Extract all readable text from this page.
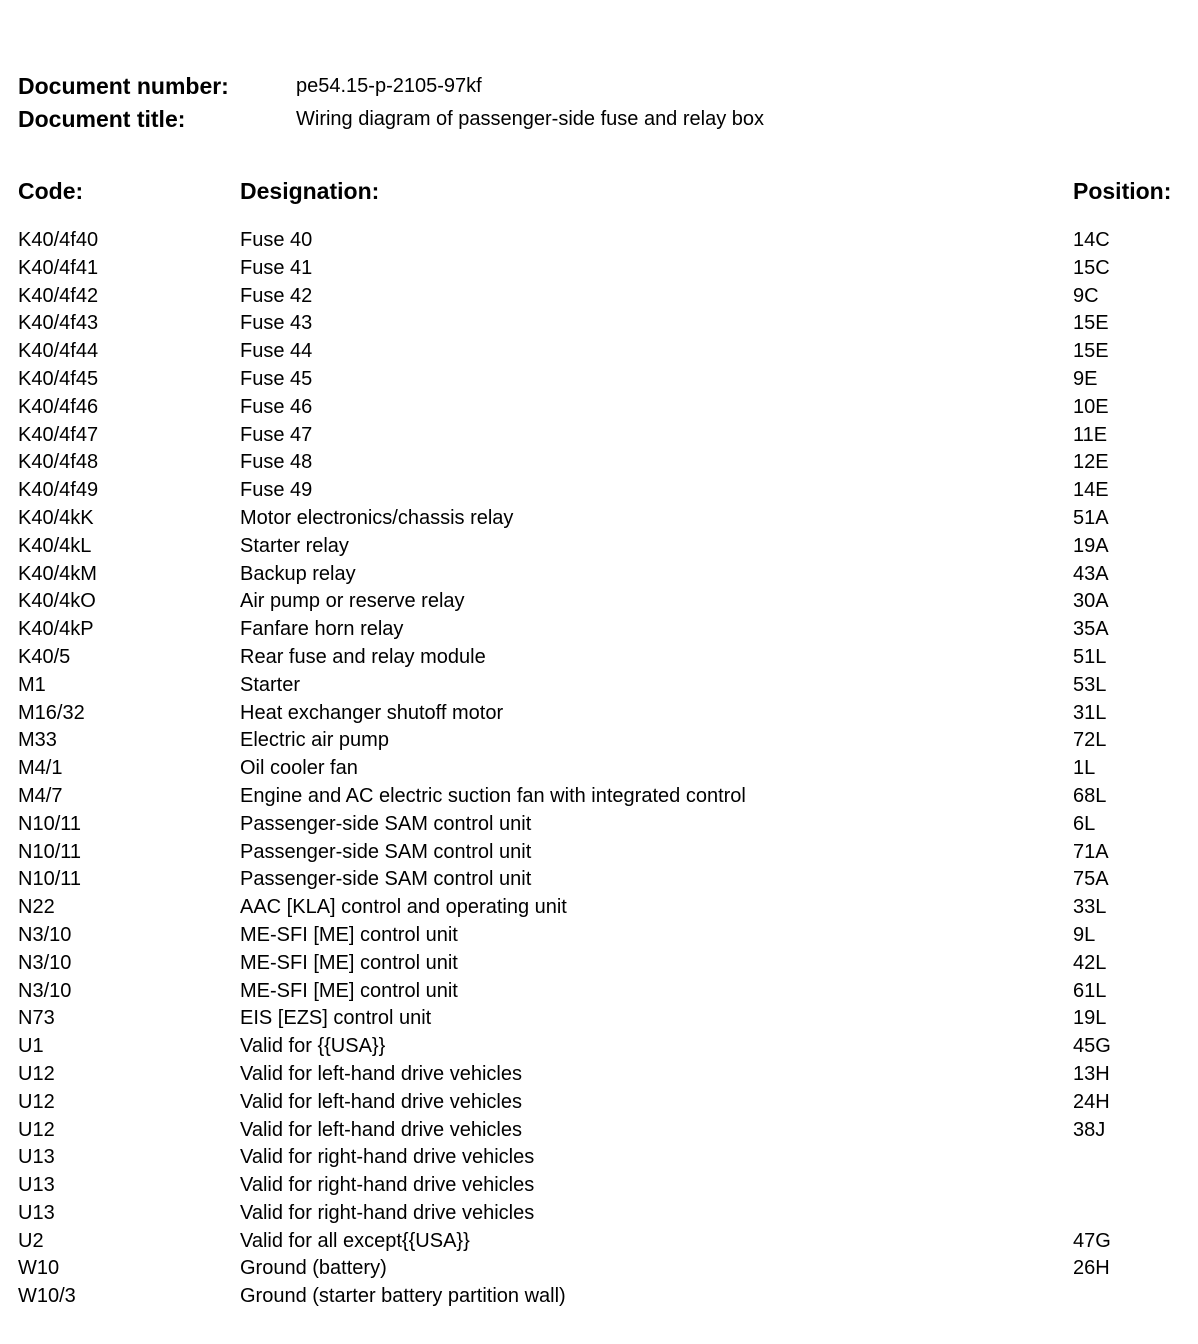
Document number:	pe54.15-p-2105-97kf
Document title:	Wiring diagram of passenger-side fuse and relay box
Code:	Designation:	Position:
K40/4f40	Fuse 40	14C
K40/4f41	Fuse 41	15C
K40/4f42	Fuse 42	9C
K40/4f43	Fuse 43	15E
K40/4f44	Fuse 44	15E
K40/4f45	Fuse 45	9E
K40/4f46	Fuse 46	10E
K40/4f47	Fuse 47	11E
K40/4f48	Fuse 48	12E
K40/4f49	Fuse 49	14E
K40/4kK	Motor electronics/chassis relay	51A
K40/4kL	Starter relay	19A
K40/4kM	Backup relay	43A
K40/4kO	Air pump or reserve relay	30A
K40/4kP	Fanfare horn relay	35A
K40/5	Rear fuse and relay module	51L
M1	Starter	53L
M16/32	Heat exchanger shutoff motor	31L
M33	Electric air pump	72L
M4/1	Oil cooler fan	1L
M4/7	Engine and AC electric suction fan with integrated control	68L
N10/11	Passenger-side SAM control unit	6L
N10/11	Passenger-side SAM control unit	71A
N10/11	Passenger-side SAM control unit	75A
N22	AAC [KLA] control and operating unit	33L
N3/10	ME-SFI [ME] control unit	9L
N3/10	ME-SFI [ME] control unit	42L
N3/10	ME-SFI [ME] control unit	61L
N73	EIS [EZS] control unit	19L
U1	Valid for {{USA}}	45G
U12	Valid for left-hand drive vehicles	13H
U12	Valid for left-hand drive vehicles	24H
U12	Valid for left-hand drive vehicles	38J
U13	Valid for right-hand drive vehicles
U13	Valid for right-hand drive vehicles
U13	Valid for right-hand drive vehicles
U2	Valid for all except{{USA}}	47G
W10	Ground (battery)	26H
W10/3	Ground (starter battery partition wall)
